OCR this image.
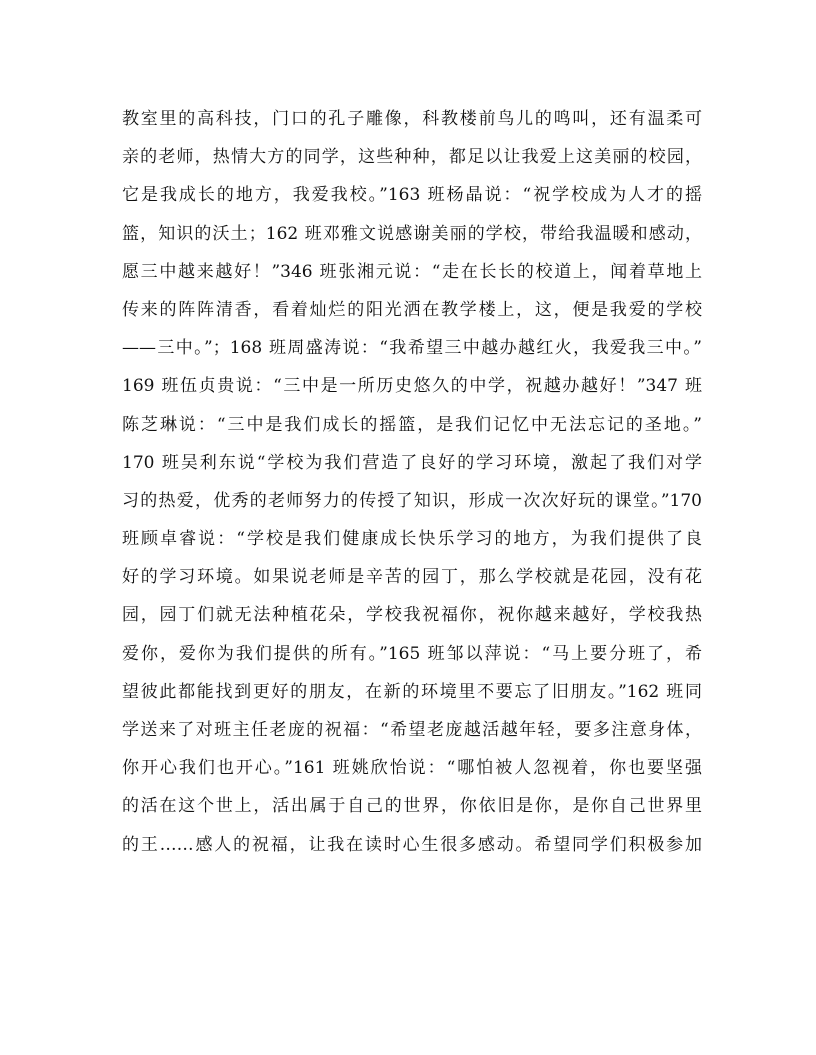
教室里的高科技，门口的孔子雕像，科教楼前鸟儿的鸣叫，还有温柔可
亲的老师，热情大方的同学，这些种种，都足以让我爱上这美丽的校园，
它是我成长的地方，我爱我校。”163 班杨晶说：“祝学校成为人才的摇
篮，知识的沃土；162 班邓雅文说感谢美丽的学校，带给我温暖和感动，
愿三中越来越好！”346 班张湘元说：“走在长长的校道上，闻着草地上
传来的阵阵清香，看着灿烂的阳光洒在教学楼上，这，便是我爱的学校
——三中。”；168 班周盛涛说：“我希望三中越办越红火，我爱我三中。”
169 班伍贞贵说：“三中是一所历史悠久的中学，祝越办越好！”347 班
陈芝琳说：“三中是我们成长的摇篮，是我们记忆中无法忘记的圣地。”
170 班吴利东说“学校为我们营造了良好的学习环境，激起了我们对学
习的热爱，优秀的老师努力的传授了知识，形成一次次好玩的课堂。”170
班顾卓睿说：“学校是我们健康成长快乐学习的地方，为我们提供了良
好的学习环境。如果说老师是辛苦的园丁，那么学校就是花园，没有花
园，园丁们就无法种植花朵，学校我祝福你，祝你越来越好，学校我热
爱你，爱你为我们提供的所有。”165 班邹以萍说：“马上要分班了，希
望彼此都能找到更好的朋友，在新的环境里不要忘了旧朋友。”162 班同
学送来了对班主任老庞的祝福：“希望老庞越活越年轻，要多注意身体，
你开心我们也开心。”161 班姚欣怡说：“哪怕被人忽视着，你也要坚强
的活在这个世上，活出属于自己的世界，你依旧是你，是你自己世界里
的王……感人的祝福，让我在读时心生很多感动。希望同学们积极参加
